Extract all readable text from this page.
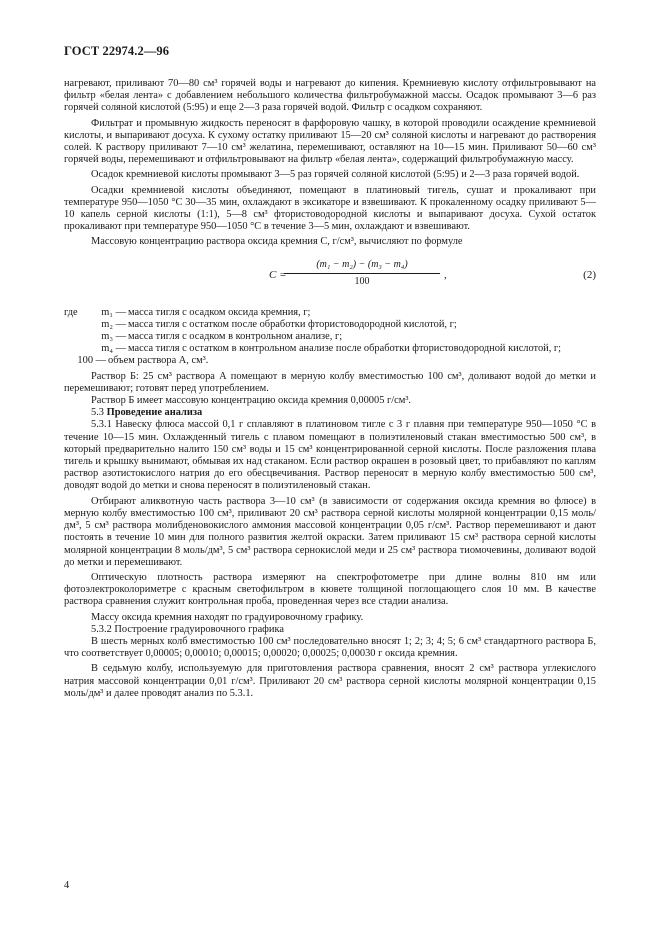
ГОСТ 22974.2—96

нагревают, приливают 70—80 см³ горячей воды и нагревают до кипения. Кремниевую кислоту отфильтровывают на фильтр «белая лента» с добавлением небольшого количества фильтробумажной массы. Осадок промывают 3—6 раз горячей соляной кислотой (5:95) и еще 2—3 раза горячей водой. Фильтр с осадком сохраняют.

Фильтрат и промывную жидкость переносят в фарфоровую чашку, в которой проводили осаждение кремниевой кислоты, и выпаривают досуха. К сухому остатку приливают 15—20 см³ соляной кислоты и нагревают до растворения солей. К раствору приливают 7—10 см³ желатина, перемешивают, оставляют на 10—15 мин. Приливают 50—60 см³ горячей воды, перемешивают и отфильтровывают на фильтр «белая лента», содержащий фильтробумажную массу.

Осадок кремниевой кислоты промывают 3—5 раз горячей соляной кислотой (5:95) и 2—3 раза горячей водой.

Осадки кремниевой кислоты объединяют, помещают в платиновый тигель, сушат и прокаливают при температуре 950—1050 °С 30—35 мин, охлаждают в эксикаторе и взвешивают. К прокаленному осадку приливают 5—10 капель серной кислоты (1:1), 5—8 см³ фтористоводородной кислоты и выпаривают досуха. Сухой остаток прокаливают при температуре 950—1050 °С в течение 3—5 мин, охлаждают и взвешивают.

Массовую концентрацию раствора оксида кремния С, г/см³, вычисляют по формуле

C =
$\frac{\text{(m₁ − m₂) − (m₃ − m₄)}}{100}$ ,	(2)
где	m₁ — масса тигля с осадком оксида кремния, г;
m₂ — масса тигля с остатком после обработки фтористоводородной кислотой, г;
m₃ — масса тигля с осадком в контрольном анализе, г;
m₄ — масса тигля с остатком в контрольном анализе после обработки фтористоводородной кислотой, г;
100 — объем раствора А, см³.

Раствор Б: 25 см³ раствора А помещают в мерную колбу вместимостью 100 см³, доливают водой до метки и перемешивают; готовят перед употреблением.

Раствор Б имеет массовую концентрацию оксида кремния 0,00005 г/см³.

5.3 Проведение анализа

5.3.1 Навеску флюса массой 0,1 г сплавляют в платиновом тигле с 3 г плавня при температуре 950—1050 °С в течение 10—15 мин. Охлажденный тигель с плавом помещают в полиэтиленовый стакан вместимостью 500 см³, в который предварительно налито 150 см³ воды и 15 см³ концентрированной серной кислоты. После разложения плава тигель и крышку вынимают, обмывая их над стаканом. Если раствор окрашен в розовый цвет, то прибавляют по каплям раствор азотистокислого натрия до его обесцвечивания. Раствор переносят в мерную колбу вместимостью 500 см³, доводят водой до метки и снова переносят в полиэтиленовый стакан.

Отбирают аликвотную часть раствора 3—10 см³ (в зависимости от содержания оксида кремния во флюсе) в мерную колбу вместимостью 100 см³, приливают 20 см³ раствора серной кислоты молярной концентрации 0,15 моль/дм³, 5 см³ раствора молибденовокислого аммония массовой концентрации 0,05 г/см³. Раствор перемешивают и дают постоять в течение 10 мин для полного развития желтой окраски. Затем приливают 15 см³ раствора серной кислоты молярной концентрации 8 моль/дм³, 5 см³ раствора сернокислой меди и 25 см³ раствора тиомочевины, доливают водой до метки и перемешивают.

Оптическую плотность раствора измеряют на спектрофотометре при длине волны 810 нм или фотоэлектроколориметре с красным светофильтром в кювете толщиной поглощающего слоя 10 мм. В качестве раствора сравнения служит контрольная проба, проведенная через все стадии анализа.

Массу оксида кремния находят по градуировочному графику.

5.3.2 Построение градуировочного графика

В шесть мерных колб вместимостью 100 см³ последовательно вносят 1; 2; 3; 4; 5; 6 см³ стандартного раствора Б, что соответствует 0,00005; 0,00010; 0,00015; 0,00020; 0,00025; 0,00030 г оксида кремния.

В седьмую колбу, используемую для приготовления раствора сравнения, вносят 2 см³ раствора углекислого натрия массовой концентрации 0,01 г/см³. Приливают 20 см³ раствора серной кислоты молярной концентрации 0,15 моль/дм³ и далее проводят анализ по 5.3.1.

4
